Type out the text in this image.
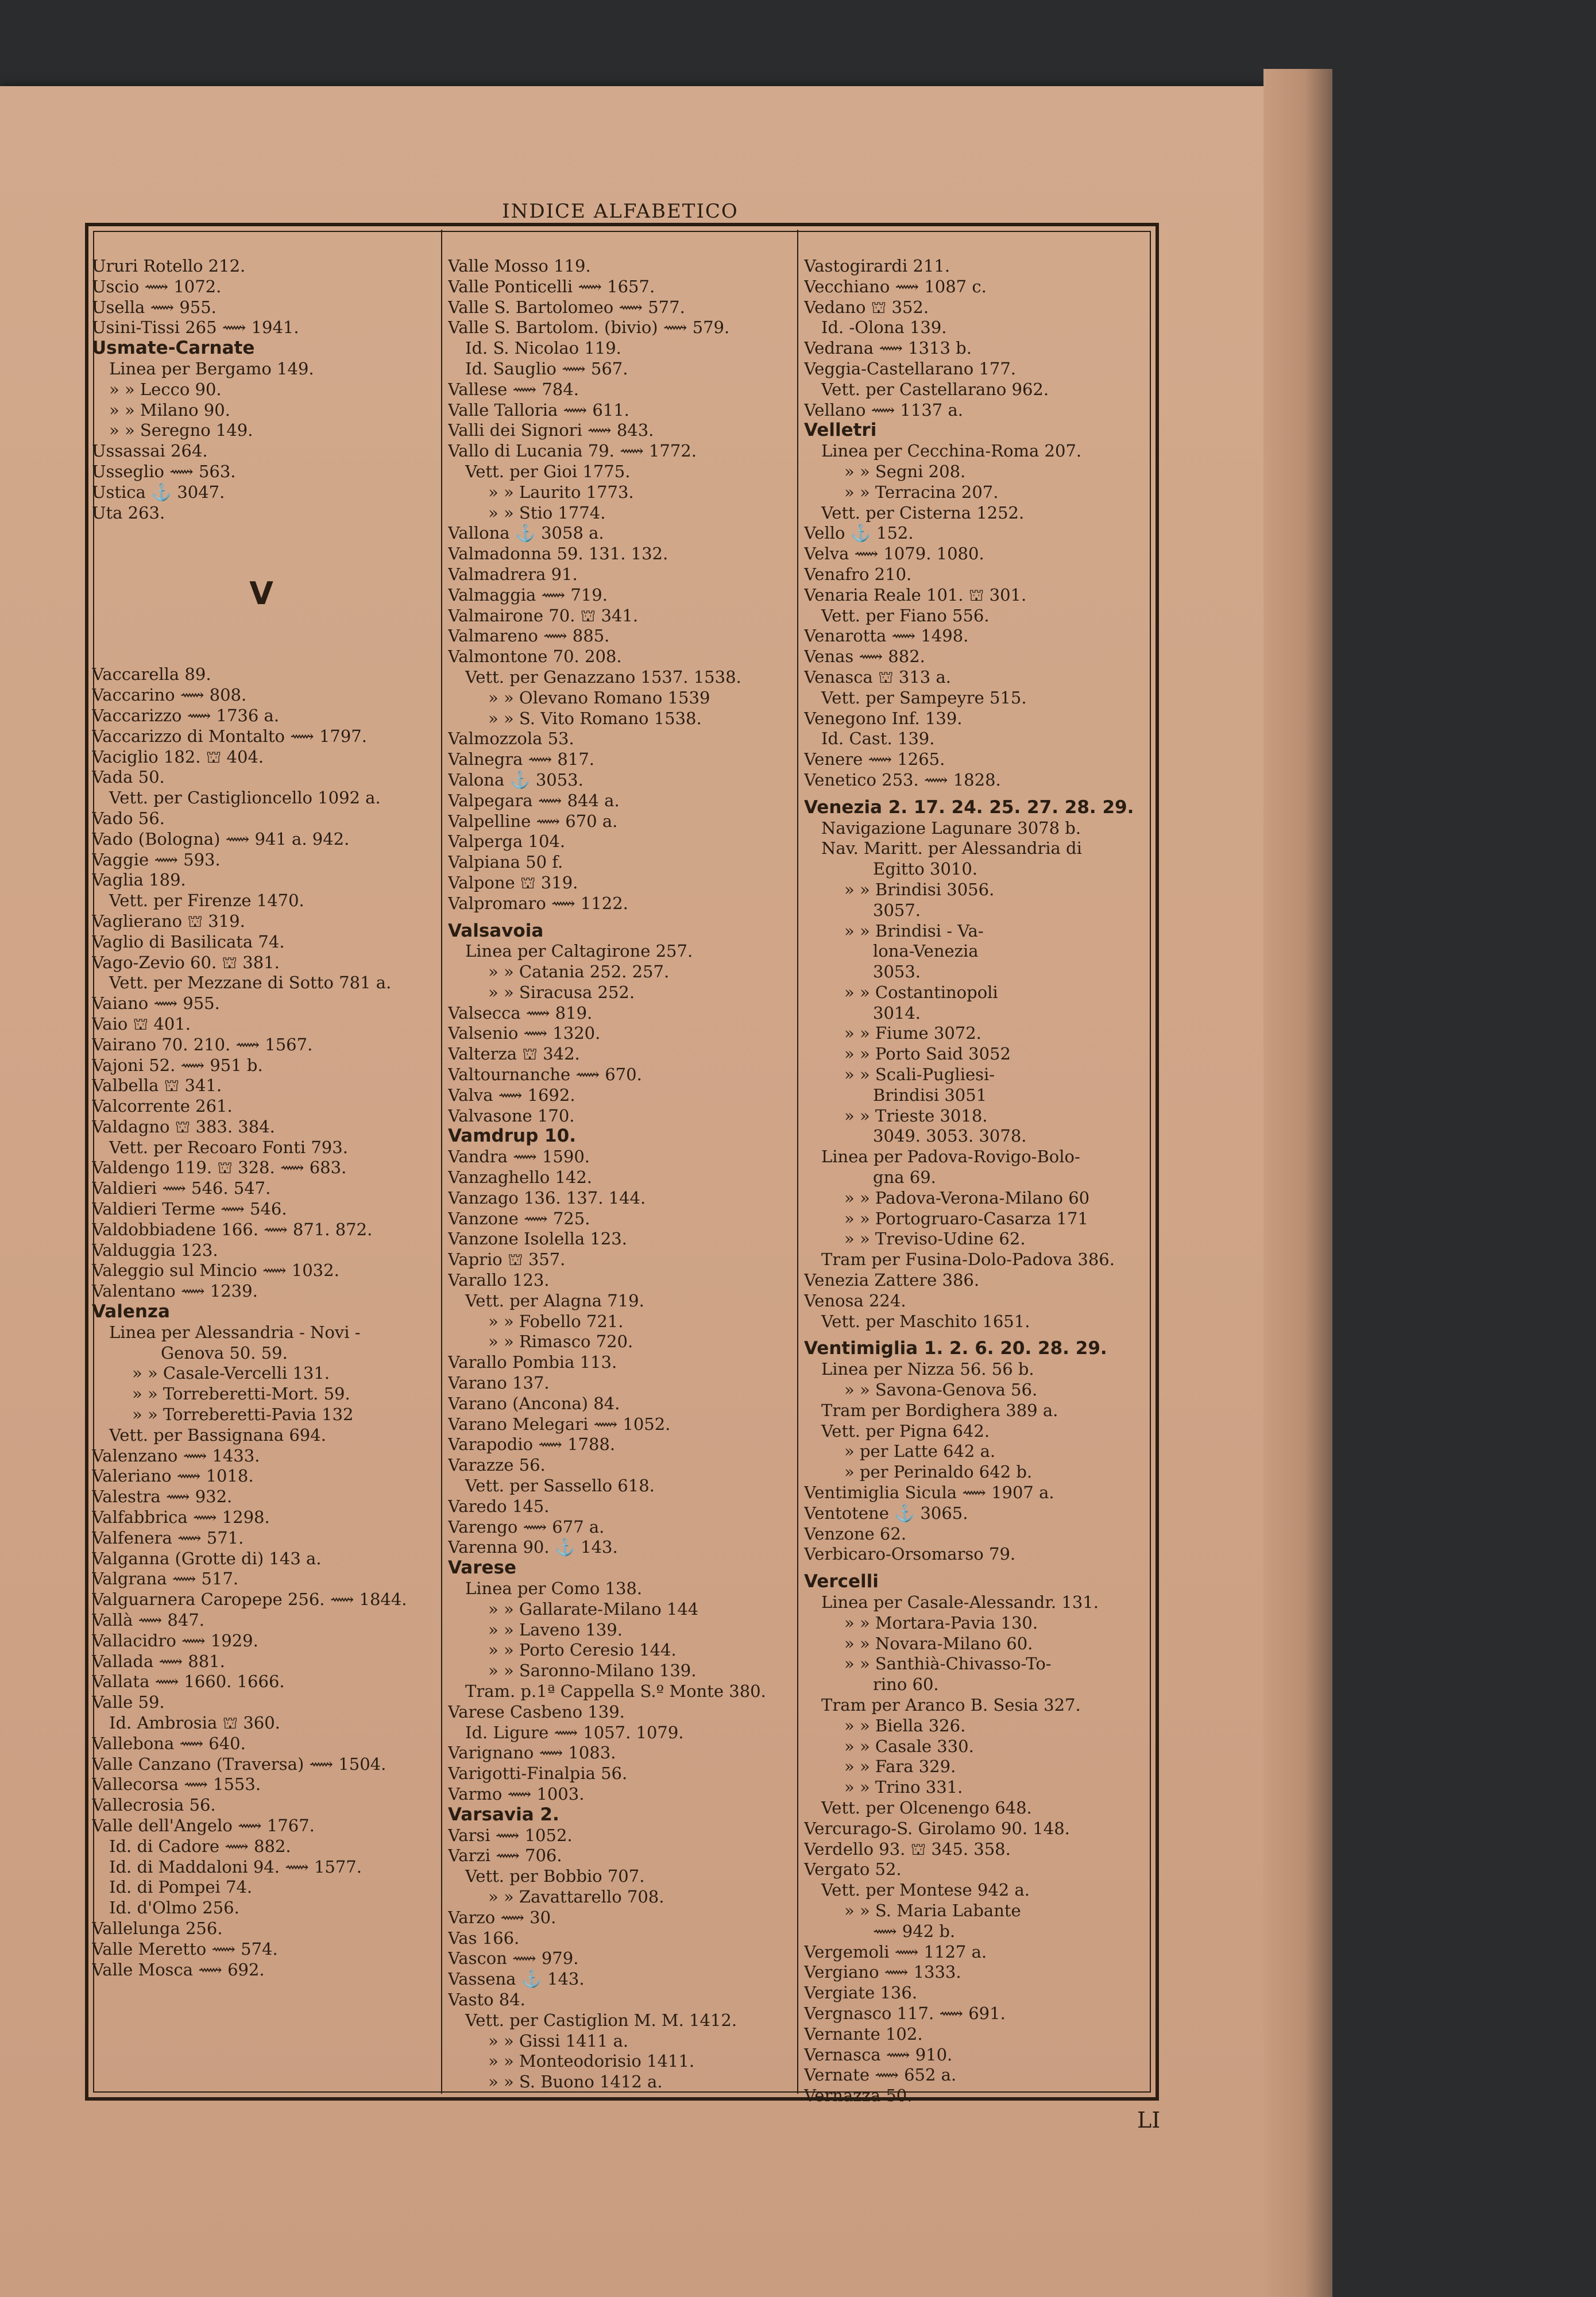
INDICE ALFABETICO
Ururi Rotello 212.
Uscio ⟿ 1072.
Usella ⟿ 955.
Usini-Tissi 265 ⟿ 1941.
Usmate-Carnate
Linea per Bergamo 149.
» » Lecco 90.
» » Milano 90.
» » Seregno 149.
Ussassai 264.
Usseglio ⟿ 563.
Ustica ⚓ 3047.
Uta 263.
V
Vaccarella 89.
Vaccarino ⟿ 808.
Vaccarizzo ⟿ 1736 a.
Vaccarizzo di Montalto ⟿ 1797.
Vaciglio 182. ⛫ 404.
Vada 50.
Vett. per Castiglioncello 1092 a.
Vado 56.
Vado (Bologna) ⟿ 941 a. 942.
Vaggie ⟿ 593.
Vaglia 189.
Vett. per Firenze 1470.
Vaglierano ⛫ 319.
Vaglio di Basilicata 74.
Vago-Zevio 60. ⛫ 381.
Vett. per Mezzane di Sotto 781 a.
Vaiano ⟿ 955.
Vaio ⛫ 401.
Vairano 70. 210. ⟿ 1567.
Vajoni 52. ⟿ 951 b.
Valbella ⛫ 341.
Valcorrente 261.
Valdagno ⛫ 383. 384.
Vett. per Recoaro Fonti 793.
Valdengo 119. ⛫ 328. ⟿ 683.
Valdieri ⟿ 546. 547.
Valdieri Terme ⟿ 546.
Valdobbiadene 166. ⟿ 871. 872.
Valduggia 123.
Valeggio sul Mincio ⟿ 1032.
Valentano ⟿ 1239.
Valenza
Linea per Alessandria - Novi -
Genova 50. 59.
» » Casale-Vercelli 131.
» » Torreberetti-Mort. 59.
» » Torreberetti-Pavia 132
Vett. per Bassignana 694.
Valenzano ⟿ 1433.
Valeriano ⟿ 1018.
Valestra ⟿ 932.
Valfabbrica ⟿ 1298.
Valfenera ⟿ 571.
Valganna (Grotte di) 143 a.
Valgrana ⟿ 517.
Valguarnera Caropepe 256. ⟿ 1844.
Vallà ⟿ 847.
Vallacidro ⟿ 1929.
Vallada ⟿ 881.
Vallata ⟿ 1660. 1666.
Valle 59.
Id. Ambrosia ⛫ 360.
Vallebona ⟿ 640.
Valle Canzano (Traversa) ⟿ 1504.
Vallecorsa ⟿ 1553.
Vallecrosia 56.
Valle dell'Angelo ⟿ 1767.
Id. di Cadore ⟿ 882.
Id. di Maddaloni 94. ⟿ 1577.
Id. di Pompei 74.
Id. d'Olmo 256.
Vallelunga 256.
Valle Meretto ⟿ 574.
Valle Mosca ⟿ 692.
Valle Mosso 119.
Valle Ponticelli ⟿ 1657.
Valle S. Bartolomeo ⟿ 577.
Valle S. Bartolom. (bivio) ⟿ 579.
Id. S. Nicolao 119.
Id. Sauglio ⟿ 567.
Vallese ⟿ 784.
Valle Talloria ⟿ 611.
Valli dei Signori ⟿ 843.
Vallo di Lucania 79. ⟿ 1772.
Vett. per Gioi 1775.
» » Laurito 1773.
» » Stio 1774.
Vallona ⚓ 3058 a.
Valmadonna 59. 131. 132.
Valmadrera 91.
Valmaggia ⟿ 719.
Valmairone 70. ⛫ 341.
Valmareno ⟿ 885.
Valmontone 70. 208.
Vett. per Genazzano 1537. 1538.
» » Olevano Romano 1539
» » S. Vito Romano 1538.
Valmozzola 53.
Valnegra ⟿ 817.
Valona ⚓ 3053.
Valpegara ⟿ 844 a.
Valpelline ⟿ 670 a.
Valperga 104.
Valpiana 50 f.
Valpone ⛫ 319.
Valpromaro ⟿ 1122.
Valsavoia
Linea per Caltagirone 257.
» » Catania 252. 257.
» » Siracusa 252.
Valsecca ⟿ 819.
Valsenio ⟿ 1320.
Valterza ⛫ 342.
Valtournanche ⟿ 670.
Valva ⟿ 1692.
Valvasone 170.
Vamdrup 10.
Vandra ⟿ 1590.
Vanzaghello 142.
Vanzago 136. 137. 144.
Vanzone ⟿ 725.
Vanzone Isolella 123.
Vaprio ⛫ 357.
Varallo 123.
Vett. per Alagna 719.
» » Fobello 721.
» » Rimasco 720.
Varallo Pombia 113.
Varano 137.
Varano (Ancona) 84.
Varano Melegari ⟿ 1052.
Varapodio ⟿ 1788.
Varazze 56.
Vett. per Sassello 618.
Varedo 145.
Varengo ⟿ 677 a.
Varenna 90. ⚓ 143.
Varese
Linea per Como 138.
» » Gallarate-Milano 144
» » Laveno 139.
» » Porto Ceresio 144.
» » Saronno-Milano 139.
Tram. p.1ª Cappella S.º Monte 380.
Varese Casbeno 139.
Id. Ligure ⟿ 1057. 1079.
Varignano ⟿ 1083.
Varigotti-Finalpia 56.
Varmo ⟿ 1003.
Varsavia 2.
Varsi ⟿ 1052.
Varzi ⟿ 706.
Vett. per Bobbio 707.
» » Zavattarello 708.
Varzo ⟿ 30.
Vas 166.
Vascon ⟿ 979.
Vassena ⚓ 143.
Vasto 84.
Vett. per Castiglion M. M. 1412.
» » Gissi 1411 a.
» » Monteodorisio 1411.
» » S. Buono 1412 a.
Vastogirardi 211.
Vecchiano ⟿ 1087 c.
Vedano ⛫ 352.
Id. -Olona 139.
Vedrana ⟿ 1313 b.
Veggia-Castellarano 177.
Vett. per Castellarano 962.
Vellano ⟿ 1137 a.
Velletri
Linea per Cecchina-Roma 207.
» » Segni 208.
» » Terracina 207.
Vett. per Cisterna 1252.
Vello ⚓ 152.
Velva ⟿ 1079. 1080.
Venafro 210.
Venaria Reale 101. ⛫ 301.
Vett. per Fiano 556.
Venarotta ⟿ 1498.
Venas ⟿ 882.
Venasca ⛫ 313 a.
Vett. per Sampeyre 515.
Venegono Inf. 139.
Id. Cast. 139.
Venere ⟿ 1265.
Venetico 253. ⟿ 1828.
Venezia 2. 17. 24. 25. 27. 28. 29.
Navigazione Lagunare 3078 b.
Nav. Maritt. per Alessandria di
Egitto 3010.
» » Brindisi 3056.
3057.
» » Brindisi - Va-
lona-Venezia
3053.
» » Costantinopoli
3014.
» » Fiume 3072.
» » Porto Said 3052
» » Scali-Pugliesi-
Brindisi 3051
» » Trieste 3018.
3049. 3053. 3078.
Linea per Padova-Rovigo-Bolo-
gna 69.
» » Padova-Verona-Milano 60
» » Portogruaro-Casarza 171
» » Treviso-Udine 62.
Tram per Fusina-Dolo-Padova 386.
Venezia Zattere 386.
Venosa 224.
Vett. per Maschito 1651.
Ventimiglia 1. 2. 6. 20. 28. 29.
Linea per Nizza 56. 56 b.
» » Savona-Genova 56.
Tram per Bordighera 389 a.
Vett. per Pigna 642.
» per Latte 642 a.
» per Perinaldo 642 b.
Ventimiglia Sicula ⟿ 1907 a.
Ventotene ⚓ 3065.
Venzone 62.
Verbicaro-Orsomarso 79.
Vercelli
Linea per Casale-Alessandr. 131.
» » Mortara-Pavia 130.
» » Novara-Milano 60.
» » Santhià-Chivasso-To-
rino 60.
Tram per Aranco B. Sesia 327.
» » Biella 326.
» » Casale 330.
» » Fara 329.
» » Trino 331.
Vett. per Olcenengo 648.
Vercurago-S. Girolamo 90. 148.
Verdello 93. ⛫ 345. 358.
Vergato 52.
Vett. per Montese 942 a.
» » S. Maria Labante
⟿ 942 b.
Vergemoli ⟿ 1127 a.
Vergiano ⟿ 1333.
Vergiate 136.
Vergnasco 117. ⟿ 691.
Vernante 102.
Vernasca ⟿ 910.
Vernate ⟿ 652 a.
Vernazza 50.
LI
